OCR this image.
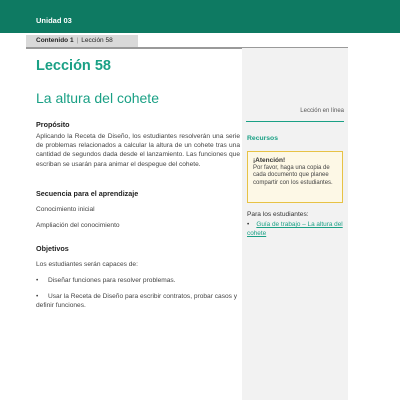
Unidad 03
Contenido 1 | Lección 58
Lección 58
La altura del cohete
Propósito
Aplicando la Receta de Diseño, los estudiantes resolverán una serie de problemas relacionados a calcular la altura de un cohete tras una cantidad de segundos dada desde el lanzamiento. Las funciones que escriban se usarán para animar el despegue del cohete.
Secuencia para el aprendizaje
Conocimiento inicial
Ampliación del conocimiento
Objetivos
Los estudiantes serán capaces de:
• Diseñar funciones para resolver problemas.
• Usar la Receta de Diseño para escribir contratos, probar casos y definir funciones.
Lección en línea
Recursos
¡Atención!
Por favor, haga una copia de cada documento que planee compartir con los estudiantes.
Para los estudiantes:
• Guía de trabajo – La altura del cohete
